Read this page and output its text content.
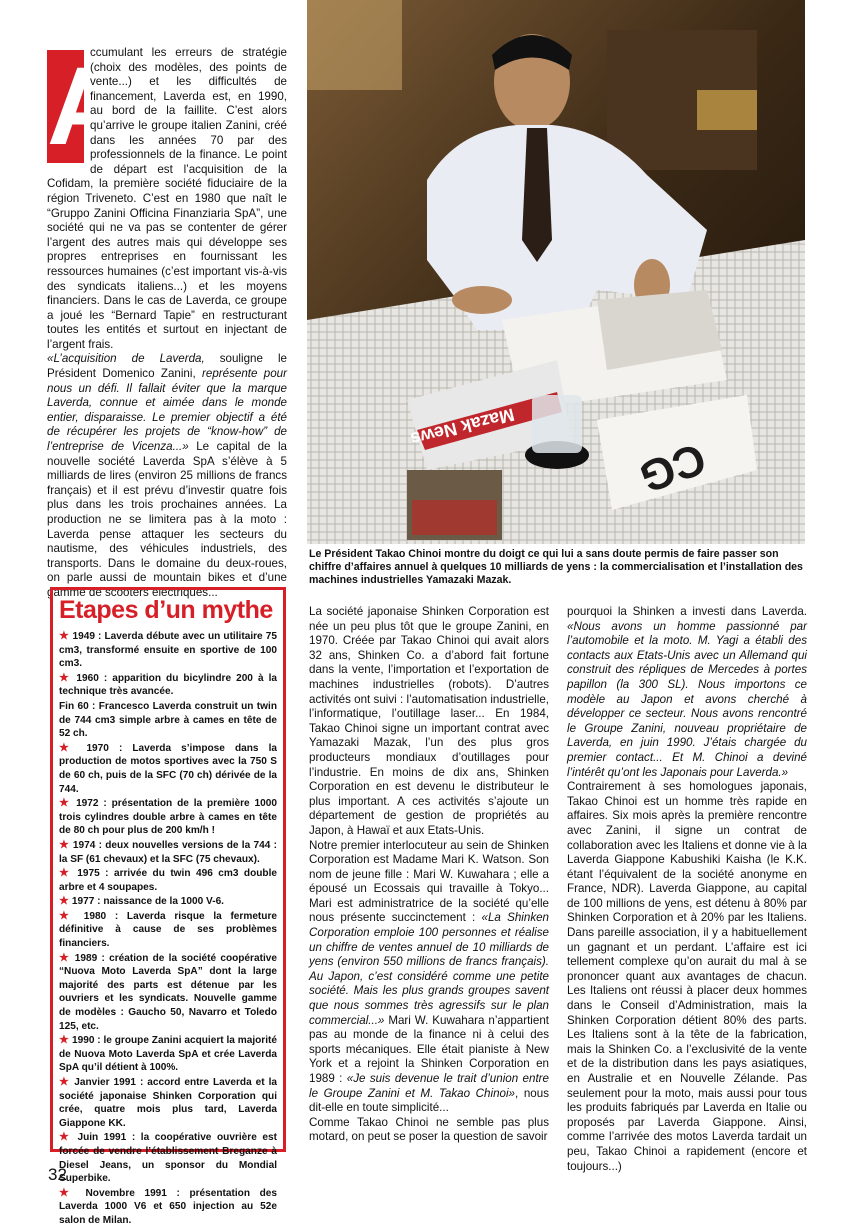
A

ccumulant les erreurs de stratégie (choix des modèles, des points de vente...) et les difficultés de financement, Laverda est, en 1990, au bord de la faillite. C’est alors qu’arrive le groupe italien Zanini, créé dans les années 70 par des professionnels de la finance. Le point de départ est l’acquisition de la Cofidam, la première société fiduciaire de la région Triveneto. C’est en 1980 que naît le “Gruppo Zanini Officina Finanziaria SpA”, une société qui ne va pas se contenter de gérer l’argent des autres mais qui développe ses propres entreprises en fournissant les ressources humaines (c’est important vis-à-vis des syndicats italiens...) et les moyens financiers. Dans le cas de Laverda, ce groupe a joué les “Bernard Tapie” en restructurant toutes les entités et surtout en injectant de l’argent frais.
«L’acquisition de Laverda, souligne le Président Domenico Zanini, représente pour nous un défi. Il fallait éviter que la marque Laverda, connue et aimée dans le monde entier, disparaisse. Le premier objectif a été de récupérer les projets de “know-how” de l’entreprise de Vicenza...» Le capital de la nouvelle société Laverda SpA s’élève à 5 milliards de lires (environ 25 millions de francs français) et il est prévu d’investir quatre fois plus dans les trois prochaines années. La production ne se limitera pas à la moto : Laverda pense attaquer les secteurs du nautisme, des véhicules industriels, des transports. Dans le domaine du deux-roues, on parle aussi de mountain bikes et d’une gamme de scooters électriques...

Mazak News
CG
Le Président Takao Chinoi montre du doigt ce qui lui a sans doute permis de faire passer son chiffre d’affaires annuel à quelques 10 milliards de yens : la commercialisation et l’installation des machines industrielles Yamazaki Mazak.
Etapes d’un mythe

★ 1949 : Laverda débute avec un utilitaire 75 cm3, transformé ensuite en sportive de 100 cm3.

★ 1960 : apparition du bicylindre 200 à la technique très avancée.

Fin 60 : Francesco Laverda construit un twin de 744 cm3 simple arbre à cames en tête de 52 ch.

★ 1970 : Laverda s’impose dans la production de motos sportives avec la 750 S de 60 ch, puis de la SFC (70 ch) dérivée de la 744.

★ 1972 : présentation de la première 1000 trois cylindres double arbre à cames en tête de 80 ch pour plus de 200 km/h !

★ 1974 : deux nouvelles versions de la 744 : la SF (61 chevaux) et la SFC (75 chevaux).

★ 1975 : arrivée du twin 496 cm3 double arbre et 4 soupapes.

★ 1977 : naissance de la 1000 V-6.

★ 1980 : Laverda risque la fermeture définitive à cause de ses problèmes financiers.

★ 1989 : création de la société coopérative “Nuova Moto Laverda SpA” dont la large majorité des parts est détenue par les ouvriers et les syndicats. Nouvelle gamme de modèles : Gaucho 50, Navarro et Toledo 125, etc.

★ 1990 : le groupe Zanini acquiert la majorité de Nuova Moto Laverda SpA et crée Laverda SpA qu’il détient à 100%.

★ Janvier 1991 : accord entre Laverda et la société japonaise Shinken Corporation qui crée, quatre mois plus tard, Laverda Giappone KK.

★ Juin 1991 : la coopérative ouvrière est forcée de vendre l’établissement Breganze à Diesel Jeans, un sponsor du Mondial Superbike.

★ Novembre 1991 : présentation des Laverda 1000 V6 et 650 injection au 52e salon de Milan.

La société japonaise Shinken Corporation est née un peu plus tôt que le groupe Zanini, en 1970. Créée par Takao Chinoi qui avait alors 32 ans, Shinken Co. a d’abord fait fortune dans la vente, l’importation et l’exportation de machines industrielles (robots). D’autres activités ont suivi : l’automatisation industrielle, l’informatique, l’outillage laser... En 1984, Takao Chinoi signe un important contrat avec Yamazaki Mazak, l’un des plus gros producteurs mondiaux d’outillages pour l’industrie. En moins de dix ans, Shinken Corporation en est devenu le distributeur le plus important. A ces activités s’ajoute un département de gestion de propriétés au Japon, à Hawaï et aux Etats-Unis.

Notre premier interlocuteur au sein de Shinken Corporation est Madame Mari K. Watson. Son nom de jeune fille : Mari W. Kuwahara ; elle a épousé un Ecossais qui travaille à Tokyo... Mari est administratrice de la société qu’elle nous présente succinctement : «La Shinken Corporation emploie 100 personnes et réalise un chiffre de ventes annuel de 10 milliards de yens (environ 550 millions de francs français). Au Japon, c’est considéré comme une petite société. Mais les plus grands groupes savent que nous sommes très agressifs sur le plan commercial...» Mari W. Kuwahara n’appartient pas au monde de la finance ni à celui des sports mécaniques. Elle était pianiste à New York et a rejoint la Shinken Corporation en 1989 : «Je suis devenue le trait d’union entre le Groupe Zanini et M. Takao Chinoi», nous dit-elle en toute simplicité...

Comme Takao Chinoi ne semble pas plus motard, on peut se poser la question de savoir

pourquoi la Shinken a investi dans Laverda. «Nous avons un homme passionné par l’automobile et la moto. M. Yagi a établi des contacts aux Etats-Unis avec un Allemand qui construit des répliques de Mercedes à portes papillon (la 300 SL). Nous importons ce modèle au Japon et avons cherché à développer ce secteur. Nous avons rencontré le Groupe Zanini, nouveau propriétaire de Laverda, en juin 1990. J’étais chargée du premier contact... Et M. Chinoi a deviné l’intérêt qu’ont les Japonais pour Laverda.»

Contrairement à ses homologues japonais, Takao Chinoi est un homme très rapide en affaires. Six mois après la première rencontre avec Zanini, il signe un contrat de collaboration avec les Italiens et donne vie à la Laverda Giappone Kabushiki Kaisha (le K.K. étant l’équivalent de la société anonyme en France, NDR). Laverda Giappone, au capital de 100 millions de yens, est détenu à 80% par Shinken Corporation et à 20% par les Italiens. Dans pareille association, il y a habituellement un gagnant et un perdant. L’affaire est ici tellement complexe qu’on aurait du mal à se prononcer quant aux avantages de chacun. Les Italiens ont réussi à placer deux hommes dans le Conseil d’Administration, mais la Shinken Corporation détient 80% des parts. Les Italiens sont à la tête de la fabrication, mais la Shinken Co. a l’exclusivité de la vente et de la distribution dans les pays asiatiques, en Australie et en Nouvelle Zélande. Pas seulement pour la moto, mais aussi pour tous les produits fabriqués par Laverda en Italie ou proposés par Laverda Giappone. Ainsi, comme l’arrivée des motos Laverda tardait un peu, Takao Chinoi a rapidement (encore et toujours...)

32
